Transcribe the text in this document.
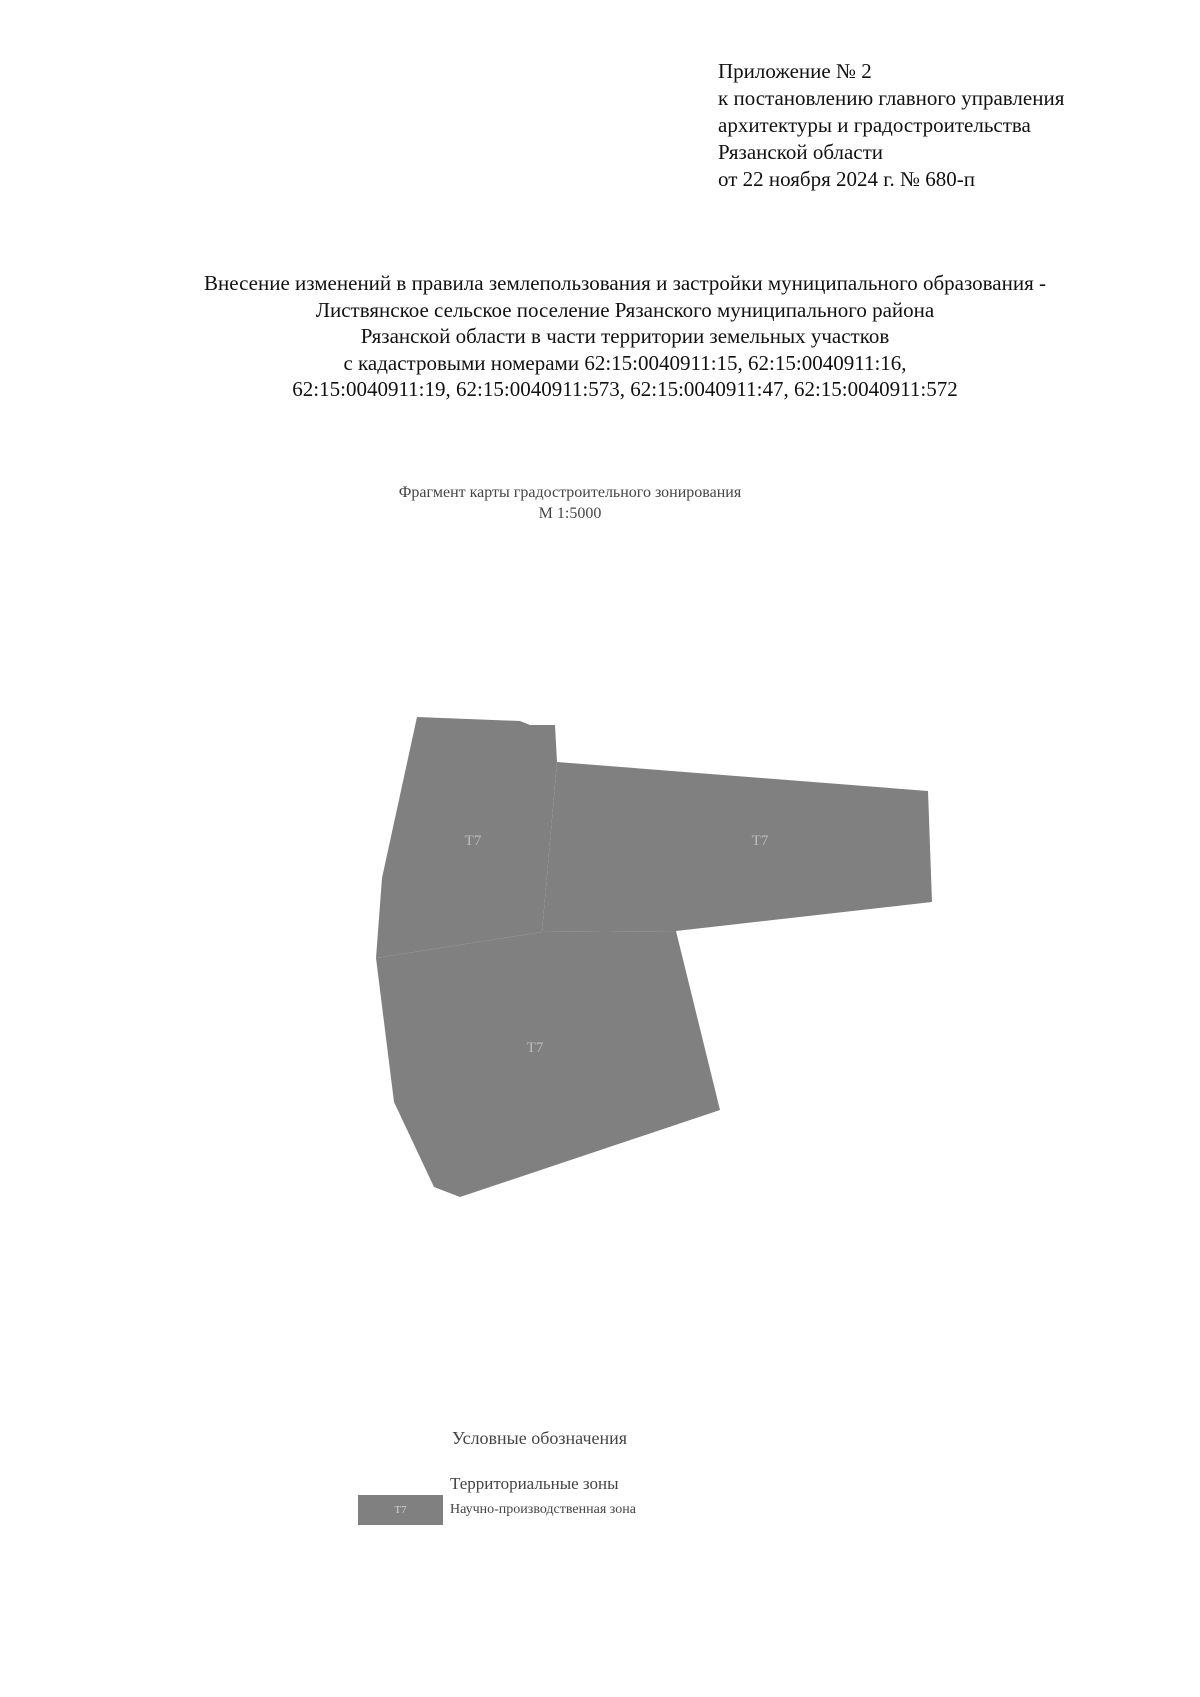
Приложение № 2
к постановлению главного управления
архитектуры и градостроительства
Рязанской области
от 22 ноября 2024 г. № 680-п
Внесение изменений в правила землепользования и застройки муниципального образования -
Листвянское сельское поселение Рязанского муниципального района
Рязанской области в части территории земельных участков
с кадастровыми номерами 62:15:0040911:15, 62:15:0040911:16,
62:15:0040911:19, 62:15:0040911:573, 62:15:0040911:47, 62:15:0040911:572
Фрагмент карты градостроительного зонирования
М 1:5000
Т7	Т7
Т7
Условные обозначения
Территориальные зоны
Т7	Научно-производственная зона
